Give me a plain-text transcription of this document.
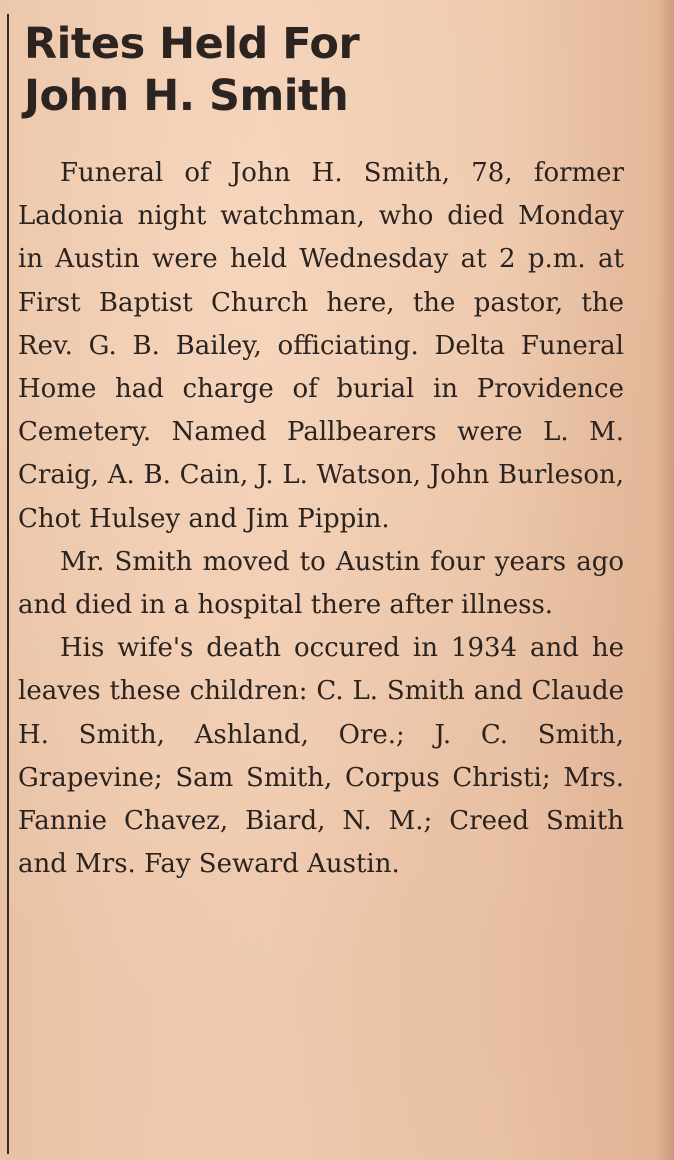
Rites Held For
John H. Smith

Funeral of John H. Smith, 78, former Ladonia night watchman, who died Monday in Austin were held Wednesday at 2 p.m. at First Baptist Church here, the pastor, the Rev. G. B. Bailey, officiating. Delta Funeral Home had charge of burial in Providence Cemetery. Named Pallbearers were L. M. Craig, A. B. Cain, J. L. Watson, John Burleson, Chot Hulsey and Jim Pippin.

Mr. Smith moved to Austin four years ago and died in a hospital there after illness.

His wife's death occured in 1934 and he leaves these children: C. L. Smith and Claude H. Smith, Ashland, Ore.; J. C. Smith, Grapevine; Sam Smith, Corpus Christi; Mrs. Fannie Chavez, Biard, N. M.; Creed Smith and Mrs. Fay Seward Austin.
